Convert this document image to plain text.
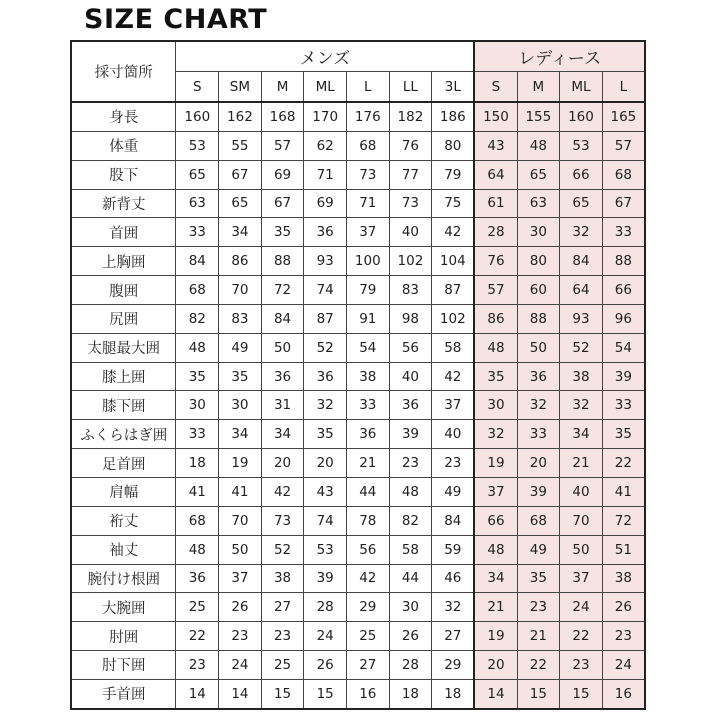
SIZE CHART
採寸箇所	メンズ							レディース			
	S	SM	M	ML	L	LL	3L	S	M	ML	L
身長	160	162	168	170	176	182	186	150	155	160	165
体重	53	55	57	62	68	76	80	43	48	53	57
股下	65	67	69	71	73	77	79	64	65	66	68
新背丈	63	65	67	69	71	73	75	61	63	65	67
首囲	33	34	35	36	37	40	42	28	30	32	33
上胸囲	84	86	88	93	100	102	104	76	80	84	88
腹囲	68	70	72	74	79	83	87	57	60	64	66
尻囲	82	83	84	87	91	98	102	86	88	93	96
太腿最大囲	48	49	50	52	54	56	58	48	50	52	54
膝上囲	35	35	36	36	38	40	42	35	36	38	39
膝下囲	30	30	31	32	33	36	37	30	32	32	33
ふくらはぎ囲	33	34	34	35	36	39	40	32	33	34	35
足首囲	18	19	20	20	21	23	23	19	20	21	22
肩幅	41	41	42	43	44	48	49	37	39	40	41
裄丈	68	70	73	74	78	82	84	66	68	70	72
袖丈	48	50	52	53	56	58	59	48	49	50	51
腕付け根囲	36	37	38	39	42	44	46	34	35	37	38
大腕囲	25	26	27	28	29	30	32	21	23	24	26
肘囲	22	23	23	24	25	26	27	19	21	22	23
肘下囲	23	24	25	26	27	28	29	20	22	23	24
手首囲	14	14	15	15	16	18	18	14	15	15	16
